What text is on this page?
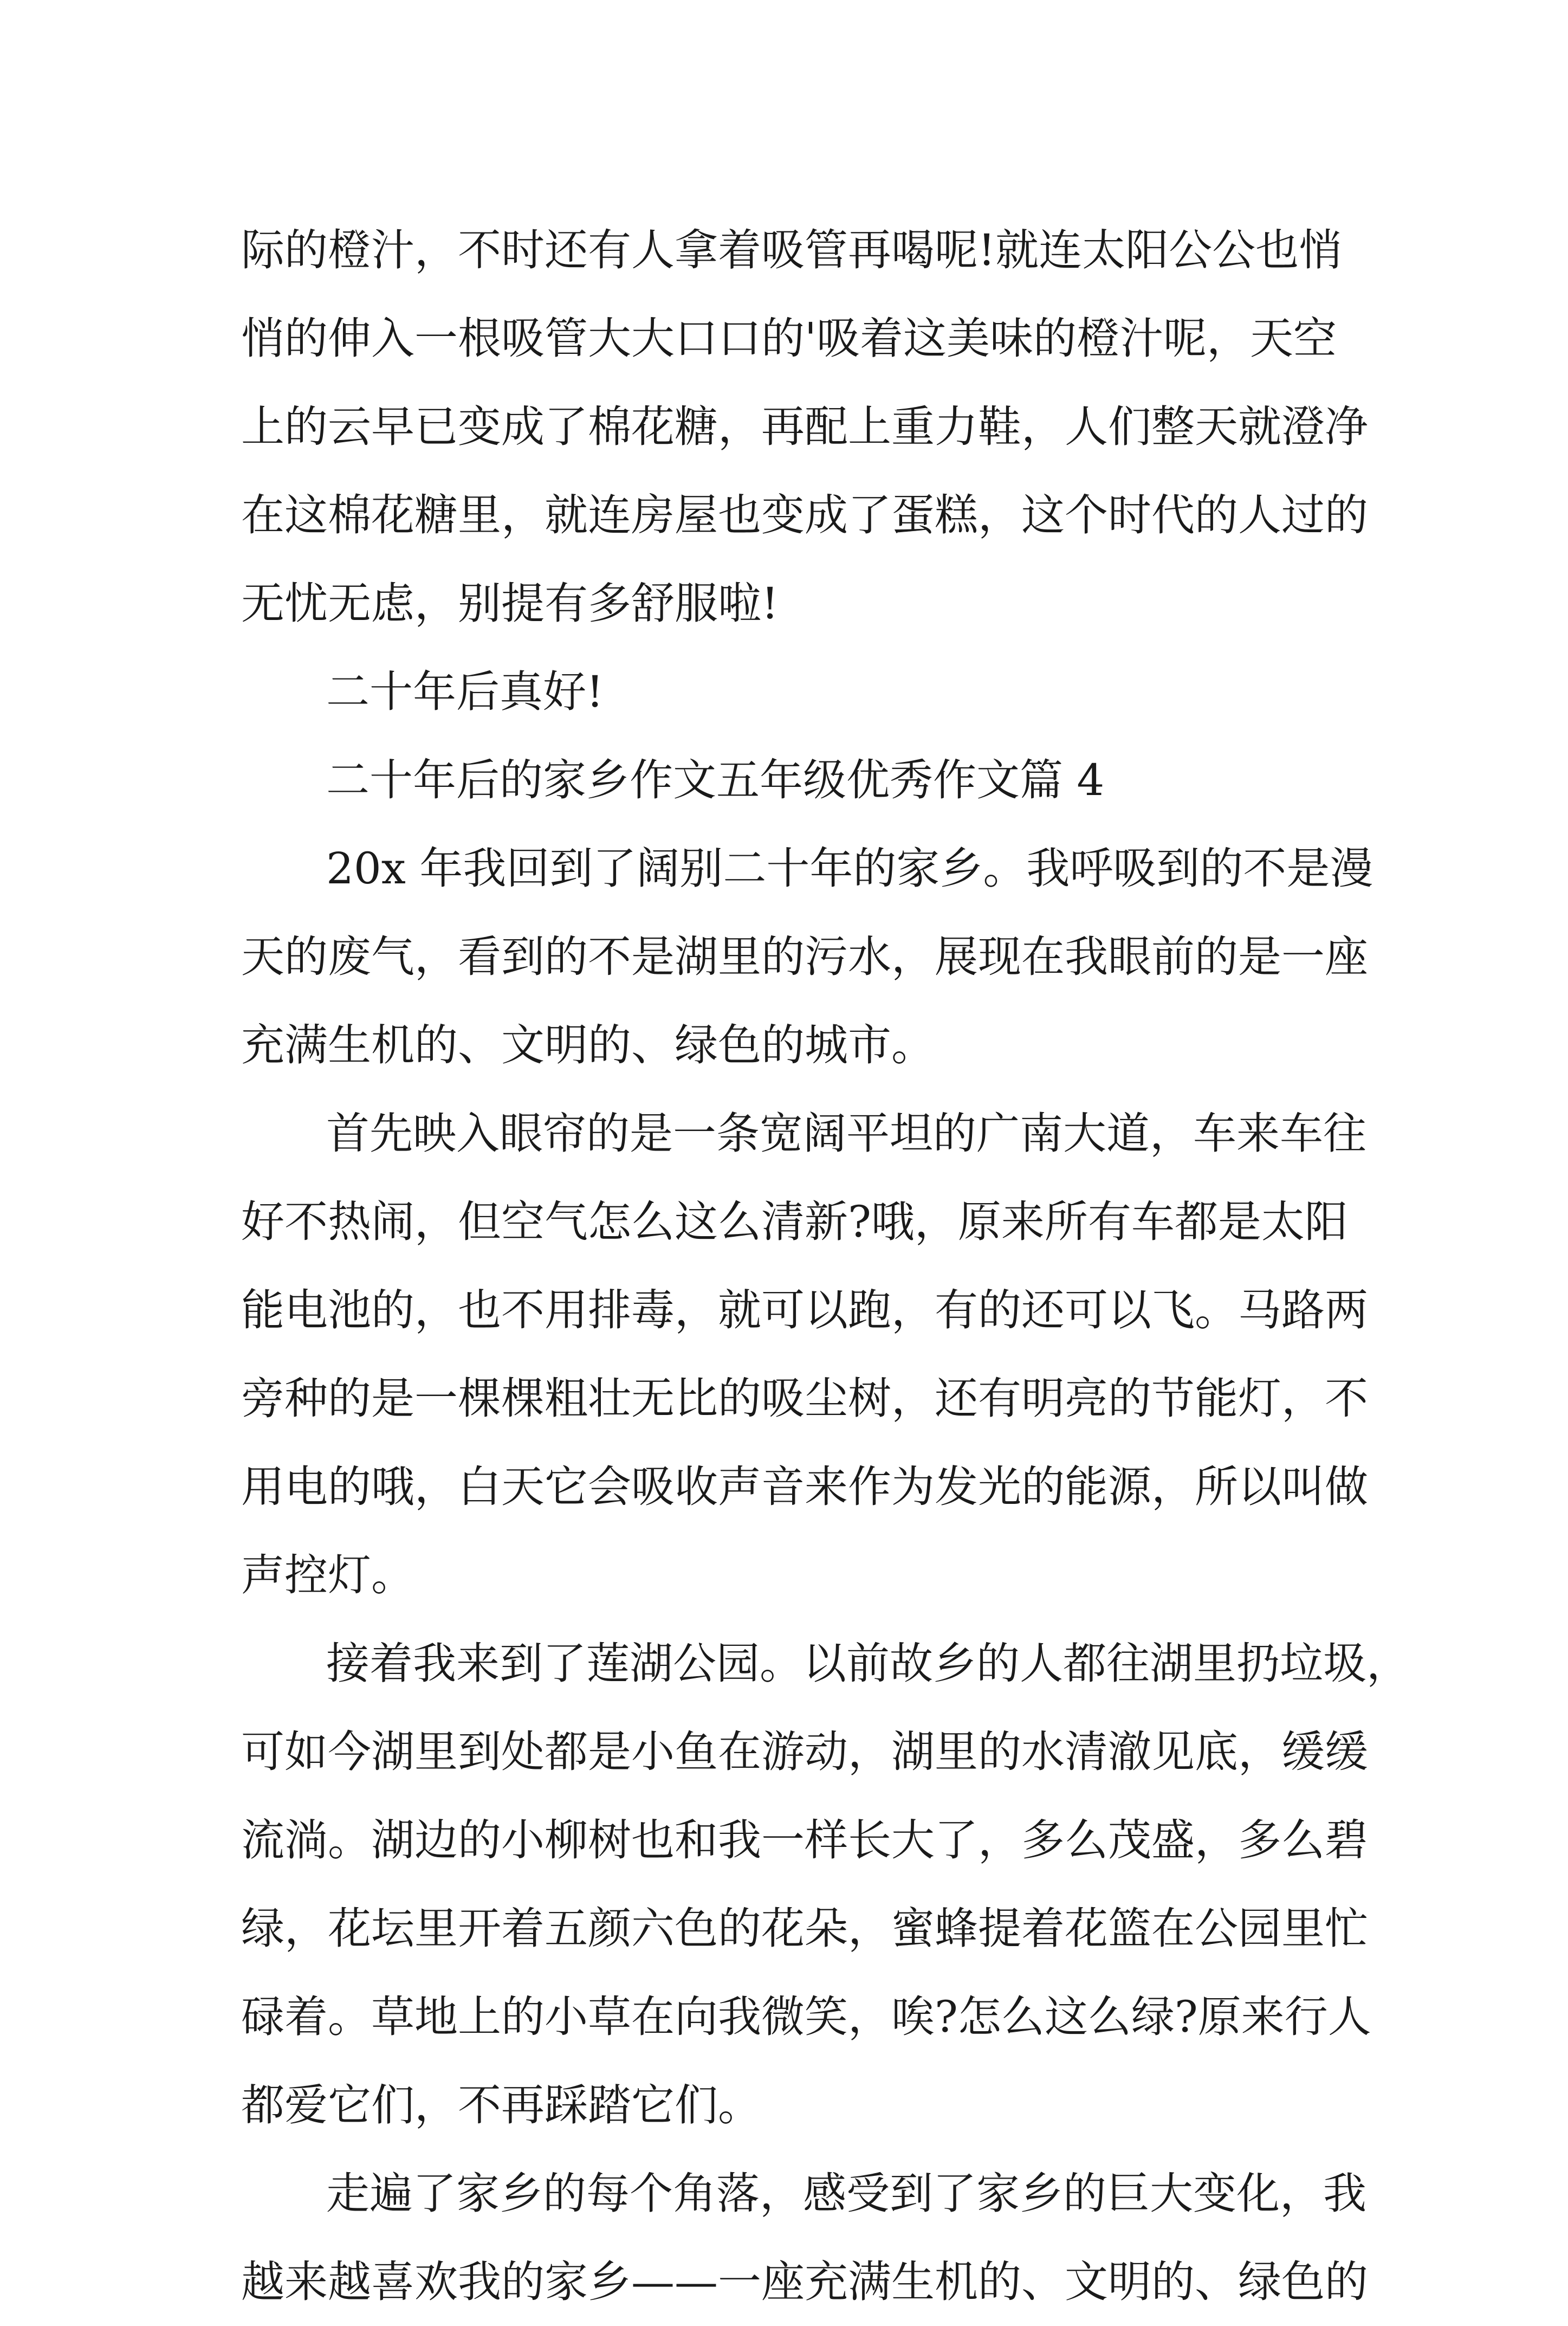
际的橙汁，不时还有人拿着吸管再喝呢!就连太阳公公也悄
悄的伸入一根吸管大大口口的'吸着这美味的橙汁呢，天空
上的云早已变成了棉花糖，再配上重力鞋，人们整天就澄净
在这棉花糖里，就连房屋也变成了蛋糕，这个时代的人过的
无忧无虑，别提有多舒服啦!
二十年后真好!
二十年后的家乡作文五年级优秀作文篇 4
20x 年我回到了阔别二十年的家乡。我呼吸到的不是漫
天的废气，看到的不是湖里的污水，展现在我眼前的是一座
充满生机的、文明的、绿色的城市。
首先映入眼帘的是一条宽阔平坦的广南大道，车来车往
好不热闹，但空气怎么这么清新?哦，原来所有车都是太阳
能电池的，也不用排毒，就可以跑，有的还可以飞。马路两
旁种的是一棵棵粗壮无比的吸尘树，还有明亮的节能灯，不
用电的哦，白天它会吸收声音来作为发光的能源，所以叫做
声控灯。
接着我来到了莲湖公园。以前故乡的人都往湖里扔垃圾，
可如今湖里到处都是小鱼在游动，湖里的水清澈见底，缓缓
流淌。湖边的小柳树也和我一样长大了，多么茂盛，多么碧
绿，花坛里开着五颜六色的花朵，蜜蜂提着花篮在公园里忙
碌着。草地上的小草在向我微笑，唉?怎么这么绿?原来行人
都爱它们，不再踩踏它们。
走遍了家乡的每个角落，感受到了家乡的巨大变化，我
越来越喜欢我的家乡——一座充满生机的、文明的、绿色的
